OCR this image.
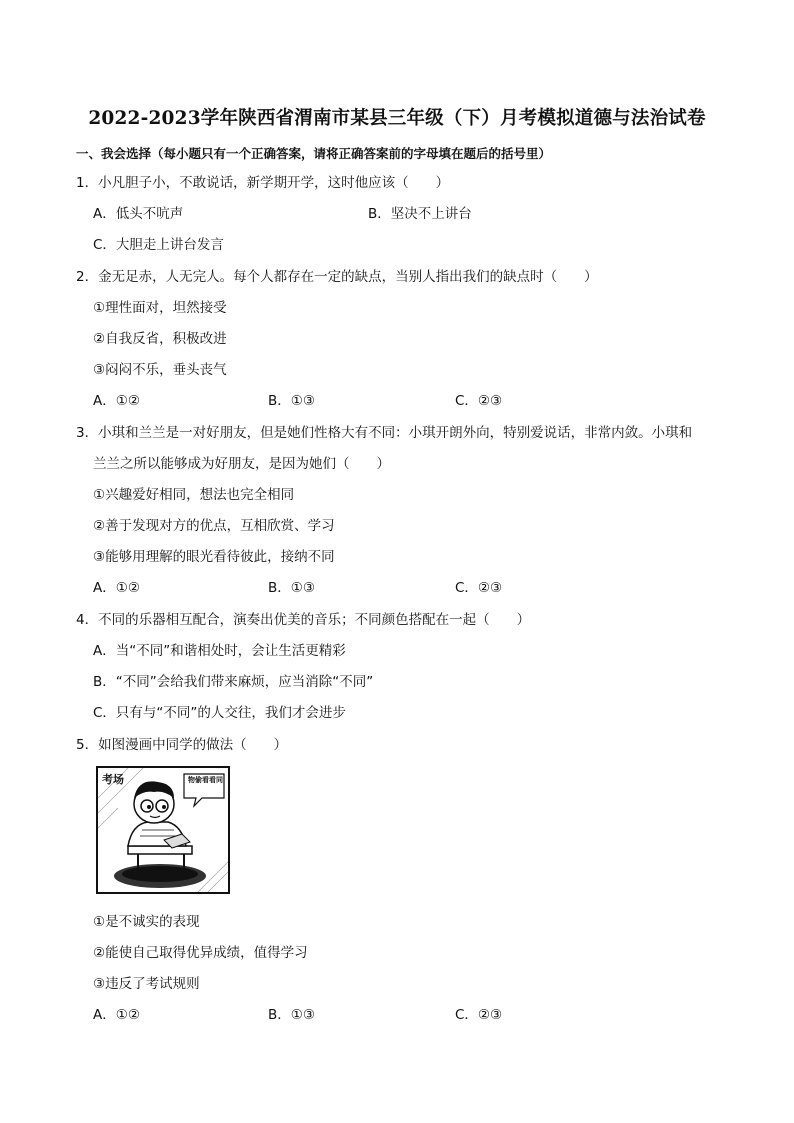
2022-2023学年陕西省渭南市某县三年级（下）月考模拟道德与法治试卷
一、我会选择（每小题只有一个正确答案，请将正确答案前的字母填在题后的括号里）
1．小凡胆子小，不敢说话，新学期开学，这时他应该（　　）
A．低头不吭声	B．坚决不上讲台
C．大胆走上讲台发言
2．金无足赤，人无完人。每个人都存在一定的缺点，当别人指出我们的缺点时（　　）
①理性面对，坦然接受
②自我反省，积极改进
③闷闷不乐，垂头丧气
A．①②	B．①③	C．②③
3．小琪和兰兰是一对好朋友，但是她们性格大有不同：小琪开朗外向，特别爱说话，非常内敛。小琪和
兰兰之所以能够成为好朋友，是因为她们（　　）
①兴趣爱好相同，想法也完全相同
②善于发现对方的优点，互相欣赏、学习
③能够用理解的眼光看待彼此，接纳不同
A．①②	B．①③	C．②③
4．不同的乐器相互配合，演奏出优美的音乐；不同颜色搭配在一起（　　）
A．当“不同”和谐相处时，会让生活更精彩
B．“不同”会给我们带来麻烦，应当消除“不同”
C．只有与“不同”的人交往，我们才会进步
5．如图漫画中同学的做法（　　）
考场	物偷看看同
①是不诚实的表现
②能使自己取得优异成绩，值得学习
③违反了考试规则
A．①②	B．①③	C．②③
